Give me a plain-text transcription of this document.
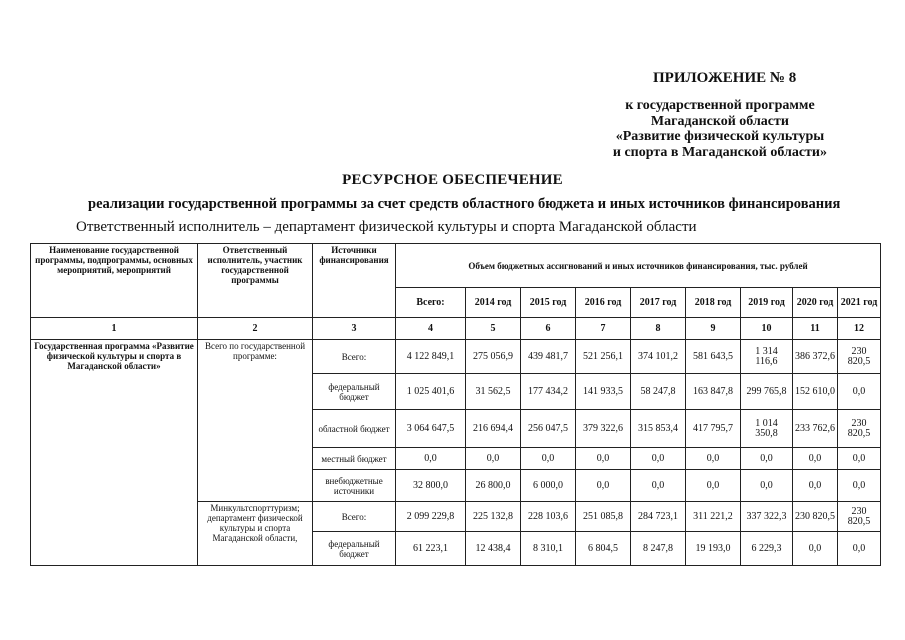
ПРИЛОЖЕНИЕ № 8
к государственной программе
Магаданской области
«Развитие физической культуры
и спорта в Магаданской области»
РЕСУРСНОЕ ОБЕСПЕЧЕНИЕ
реализации государственной программы за счет средств областного бюджета и иных источников финансирования
Ответственный исполнитель – департамент физической культуры и спорта Магаданской области
Наименование государственной программы, подпрограммы, основных мероприятий, мероприятий	Ответственный исполнитель, участник государственной программы	Источники финансирования	Объем бюджетных ассигнований и иных источников финансирования, тыс. рублей								
			Всего:	2014 год	2015 год	2016 год	2017 год	2018 год	2019 год	2020 год	2021 год
1	2	3	4	5	6	7	8	9	10	11	12
Государственная программа «Развитие физической культуры и спорта в Магаданской области»	Всего по государственной программе:	Всего:	4 122 849,1	275 056,9	439 481,7	521 256,1	374 101,2	581 643,5	1 314 116,6	386 372,6	230 820,5
		федеральный бюджет	1 025 401,6	31 562,5	177 434,2	141 933,5	58 247,8	163 847,8	299 765,8	152 610,0	0,0
		областной бюджет	3 064 647,5	216 694,4	256 047,5	379 322,6	315 853,4	417 795,7	1 014 350,8	233 762,6	230 820,5
		местный бюджет	0,0	0,0	0,0	0,0	0,0	0,0	0,0	0,0	0,0
		внебюджетные источники	32 800,0	26 800,0	6 000,0	0,0	0,0	0,0	0,0	0,0	0,0
	Минкультспорттуризм; департамент физической культуры и спорта Магаданской области,	Всего:	2 099 229,8	225 132,8	228 103,6	251 085,8	284 723,1	311 221,2	337 322,3	230 820,5	230 820,5
		федеральный бюджет	61 223,1	12 438,4	8 310,1	6 804,5	8 247,8	19 193,0	6 229,3	0,0	0,0
